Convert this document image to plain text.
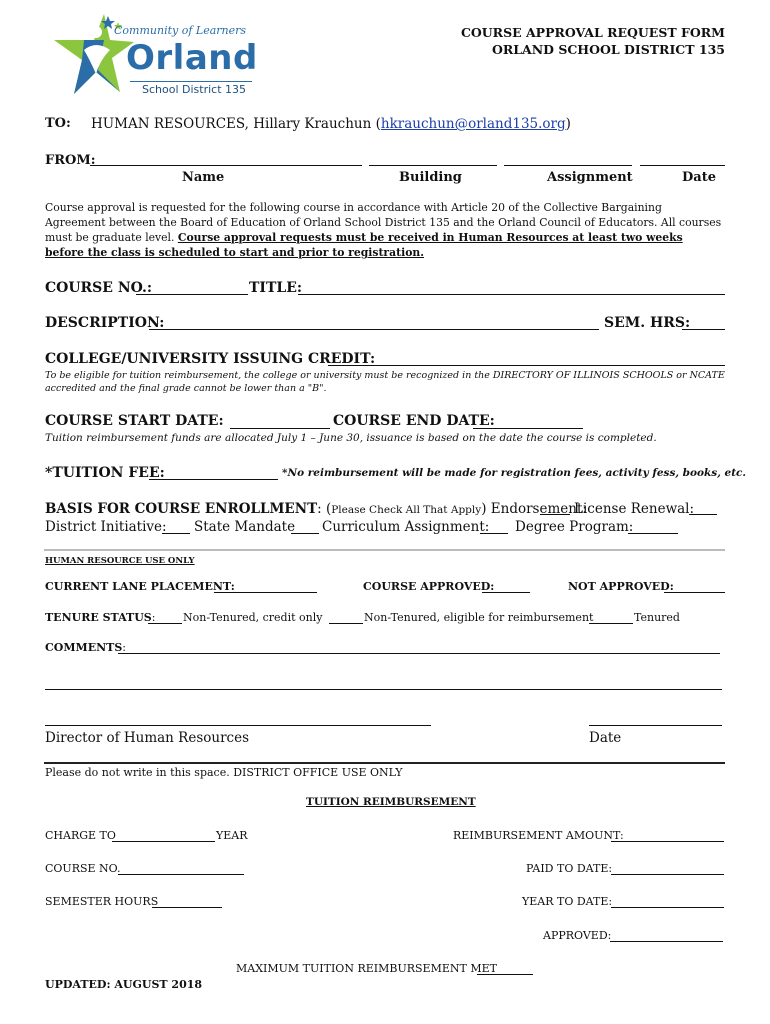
Community of Learners
Orland
School District 135
COURSE APPROVAL REQUEST FORM
ORLAND SCHOOL DISTRICT 135
TO: HUMAN RESOURCES, Hillary Krauchun (hkrauchun@orland135.org)
FROM:
Name	Building	Assignment	Date
Course approval is requested for the following course in accordance with Article 20 of the Collective Bargaining Agreement between the Board of Education of Orland School District 135 and the Orland Council of Educators. All courses must be graduate level. Course approval requests must be received in Human Resources at least two weeks before the class is scheduled to start and prior to registration.
COURSE NO.:	TITLE:
DESCRIPTION:	SEM. HRS:
COLLEGE/UNIVERSITY ISSUING CREDIT:
To be eligible for tuition reimbursement, the college or university must be recognized in the DIRECTORY OF ILLINOIS SCHOOLS or NCATE accredited and the final grade cannot be lower than a "B".
COURSE START DATE:	COURSE END DATE:
Tuition reimbursement funds are allocated July 1 – June 30, issuance is based on the date the course is completed.
*TUITION FEE:	*No reimbursement will be made for registration fees, activity fess, books, etc.
BASIS FOR COURSE ENROLLMENT: (Please Check All That Apply) Endorsement:
License Renewal:
District Initiative: State Mandate Curriculum Assignment: Degree Program:
HUMAN RESOURCE USE ONLY
CURRENT LANE PLACEMENT:	COURSE APPROVED:	NOT APPROVED:
TENURE STATUS:	Non-Tenured, credit only	Non-Tenured, eligible for reimbursement	Tenured
COMMENTS:
Director of Human Resources	Date
Please do not write in this space. DISTRICT OFFICE USE ONLY
TUITION REIMBURSEMENT
CHARGE TO	YEAR	REIMBURSEMENT AMOUNT:
COURSE NO.	PAID TO DATE:
SEMESTER HOURS	YEAR TO DATE:
APPROVED:
MAXIMUM TUITION REIMBURSEMENT MET
UPDATED: AUGUST 2018
